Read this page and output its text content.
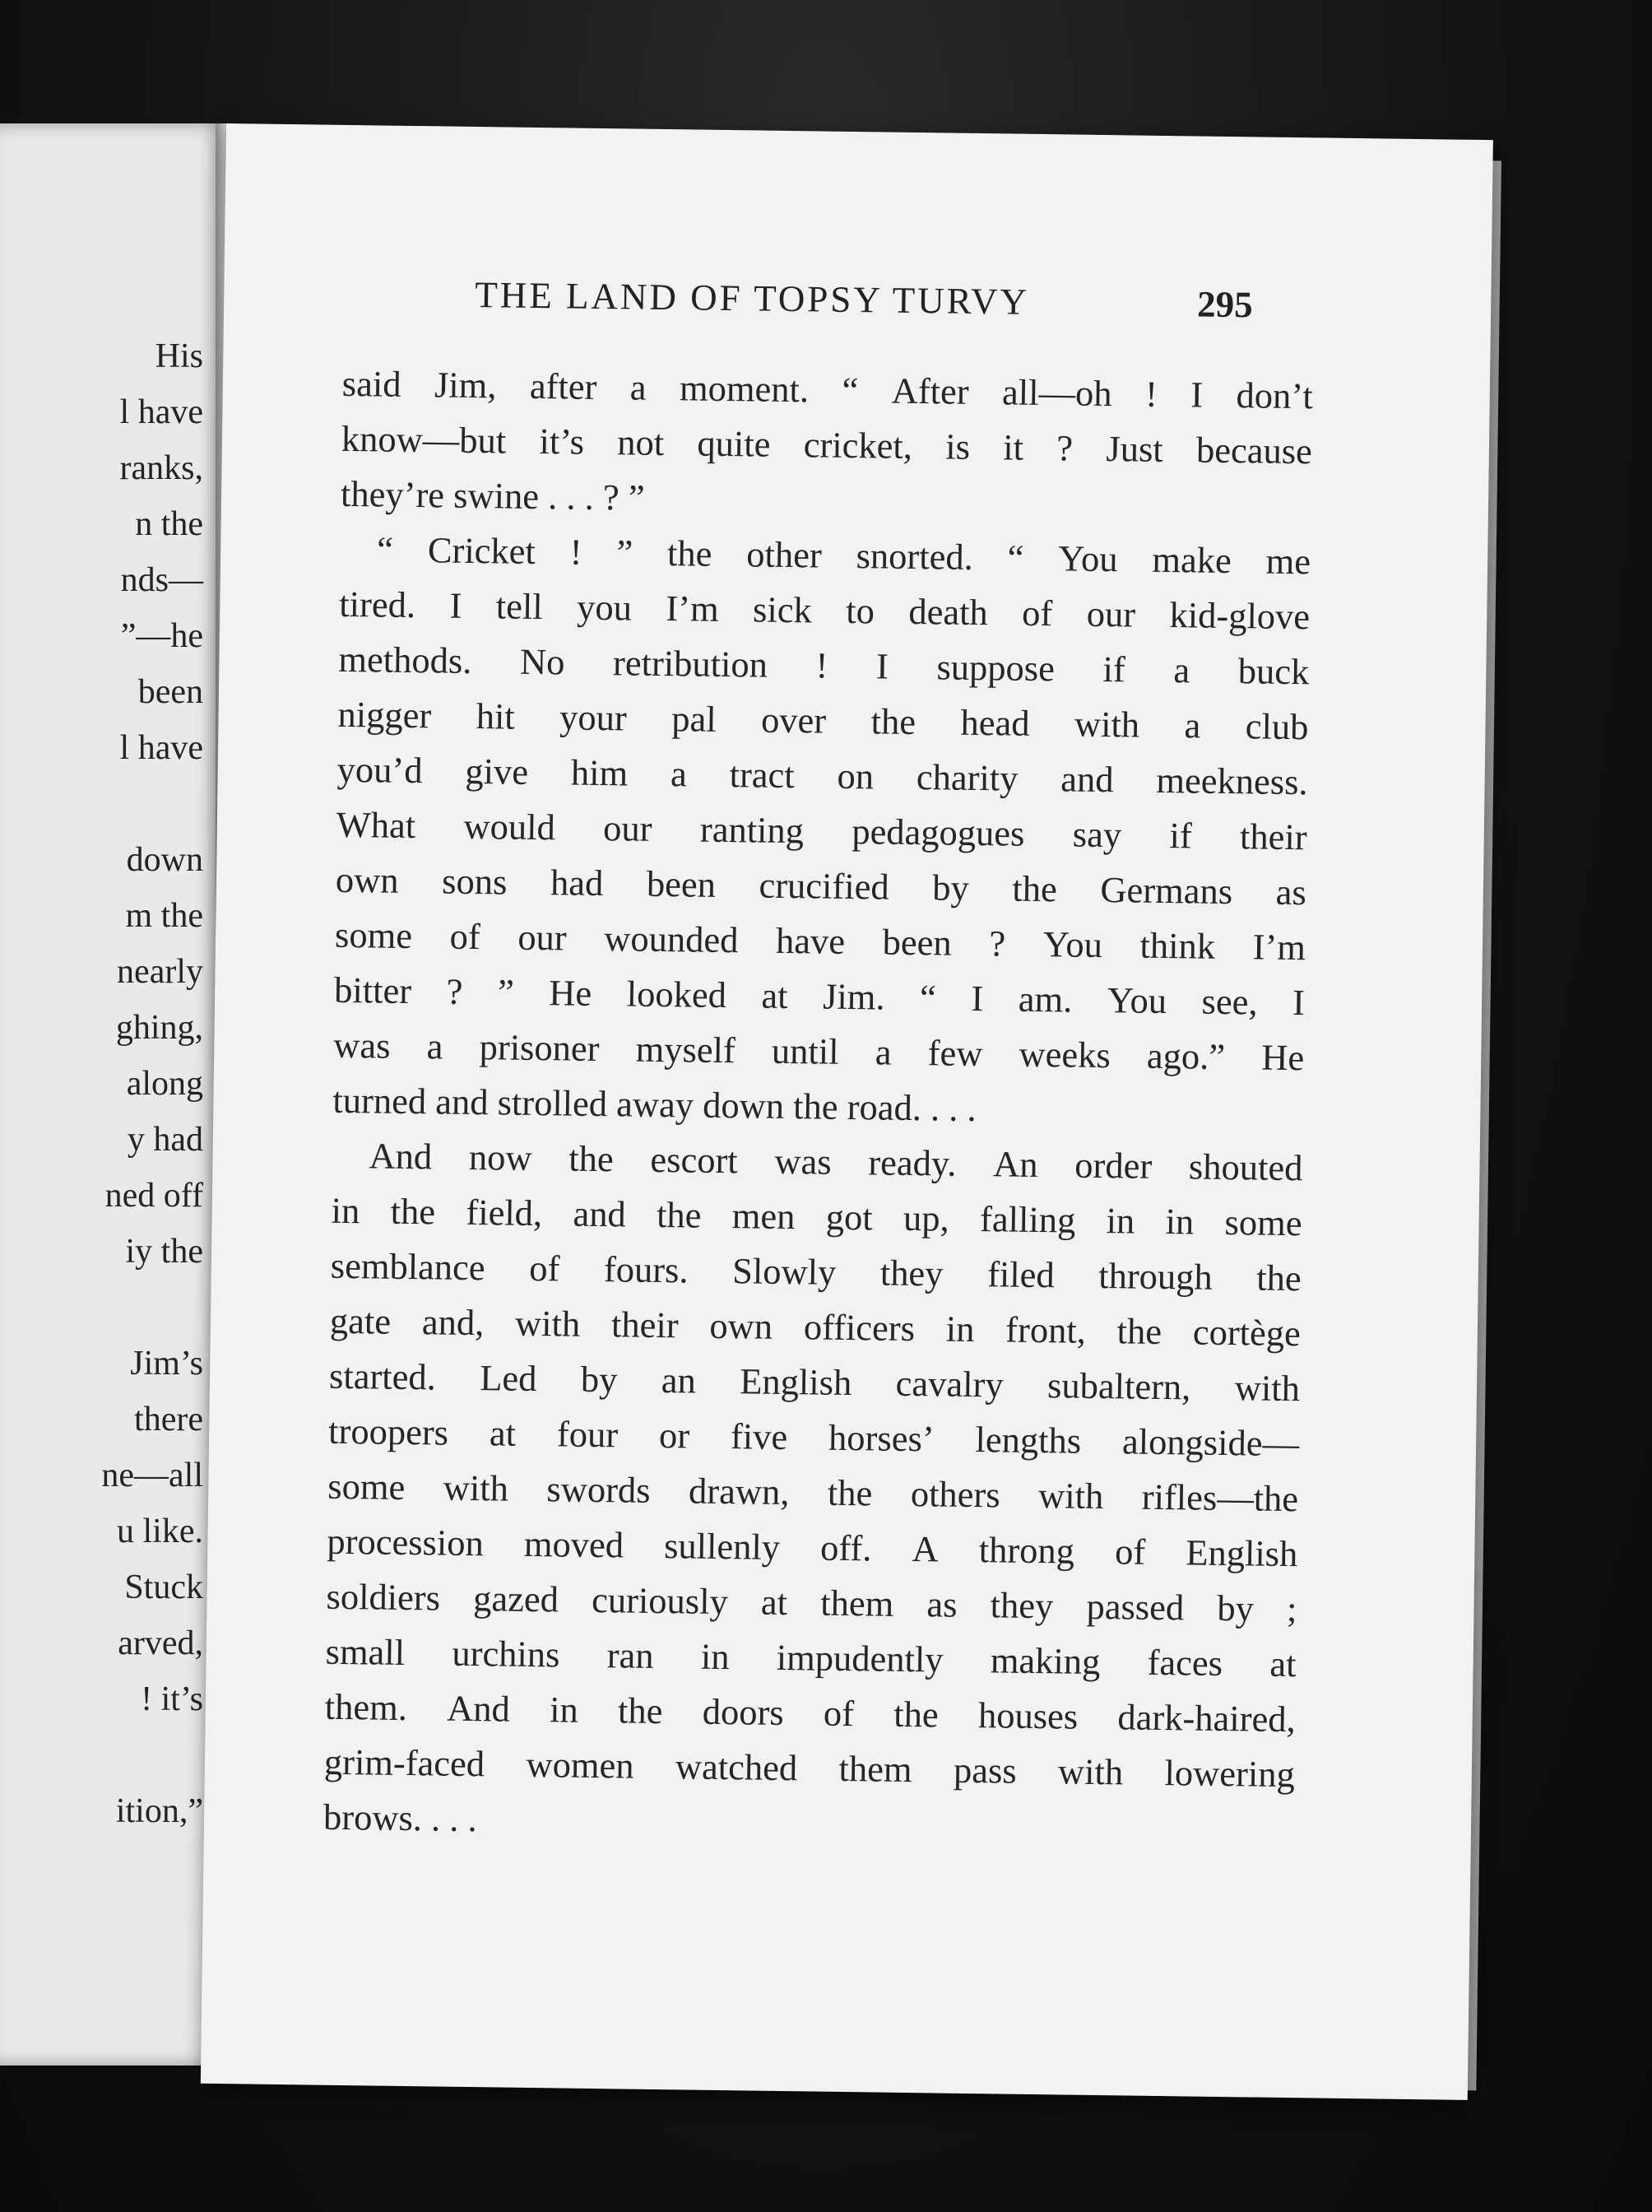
His
l have
ranks,
n the
nds—
”—he
been
l have
down
m the
nearly
ghing,
along
y had
ned off
iy the
Jim’s
there
ne—all
u like.
Stuck
arved,
! it’s
ition,”
THE LAND OF TOPSY TURVY	295
said Jim, after a moment. “ After all—oh ! I don’t
know—but it’s not quite cricket, is it ? Just because
they’re swine . . . ? ”
“ Cricket ! ” the other snorted. “ You make me
tired. I tell you I’m sick to death of our kid-glove
methods. No retribution ! I suppose if a buck
nigger hit your pal over the head with a club
you’d give him a tract on charity and meekness.
What would our ranting pedagogues say if their
own sons had been crucified by the Germans as
some of our wounded have been ? You think I’m
bitter ? ” He looked at Jim. “ I am. You see, I
was a prisoner myself until a few weeks ago.” He
turned and strolled away down the road. . . .
And now the escort was ready. An order shouted
in the field, and the men got up, falling in in some
semblance of fours. Slowly they filed through the
gate and, with their own officers in front, the cortège
started. Led by an English cavalry subaltern, with
troopers at four or five horses’ lengths alongside—
some with swords drawn, the others with rifles—the
procession moved sullenly off. A throng of English
soldiers gazed curiously at them as they passed by ;
small urchins ran in impudently making faces at
them. And in the doors of the houses dark-haired,
grim-faced women watched them pass with lowering
brows. . . .
